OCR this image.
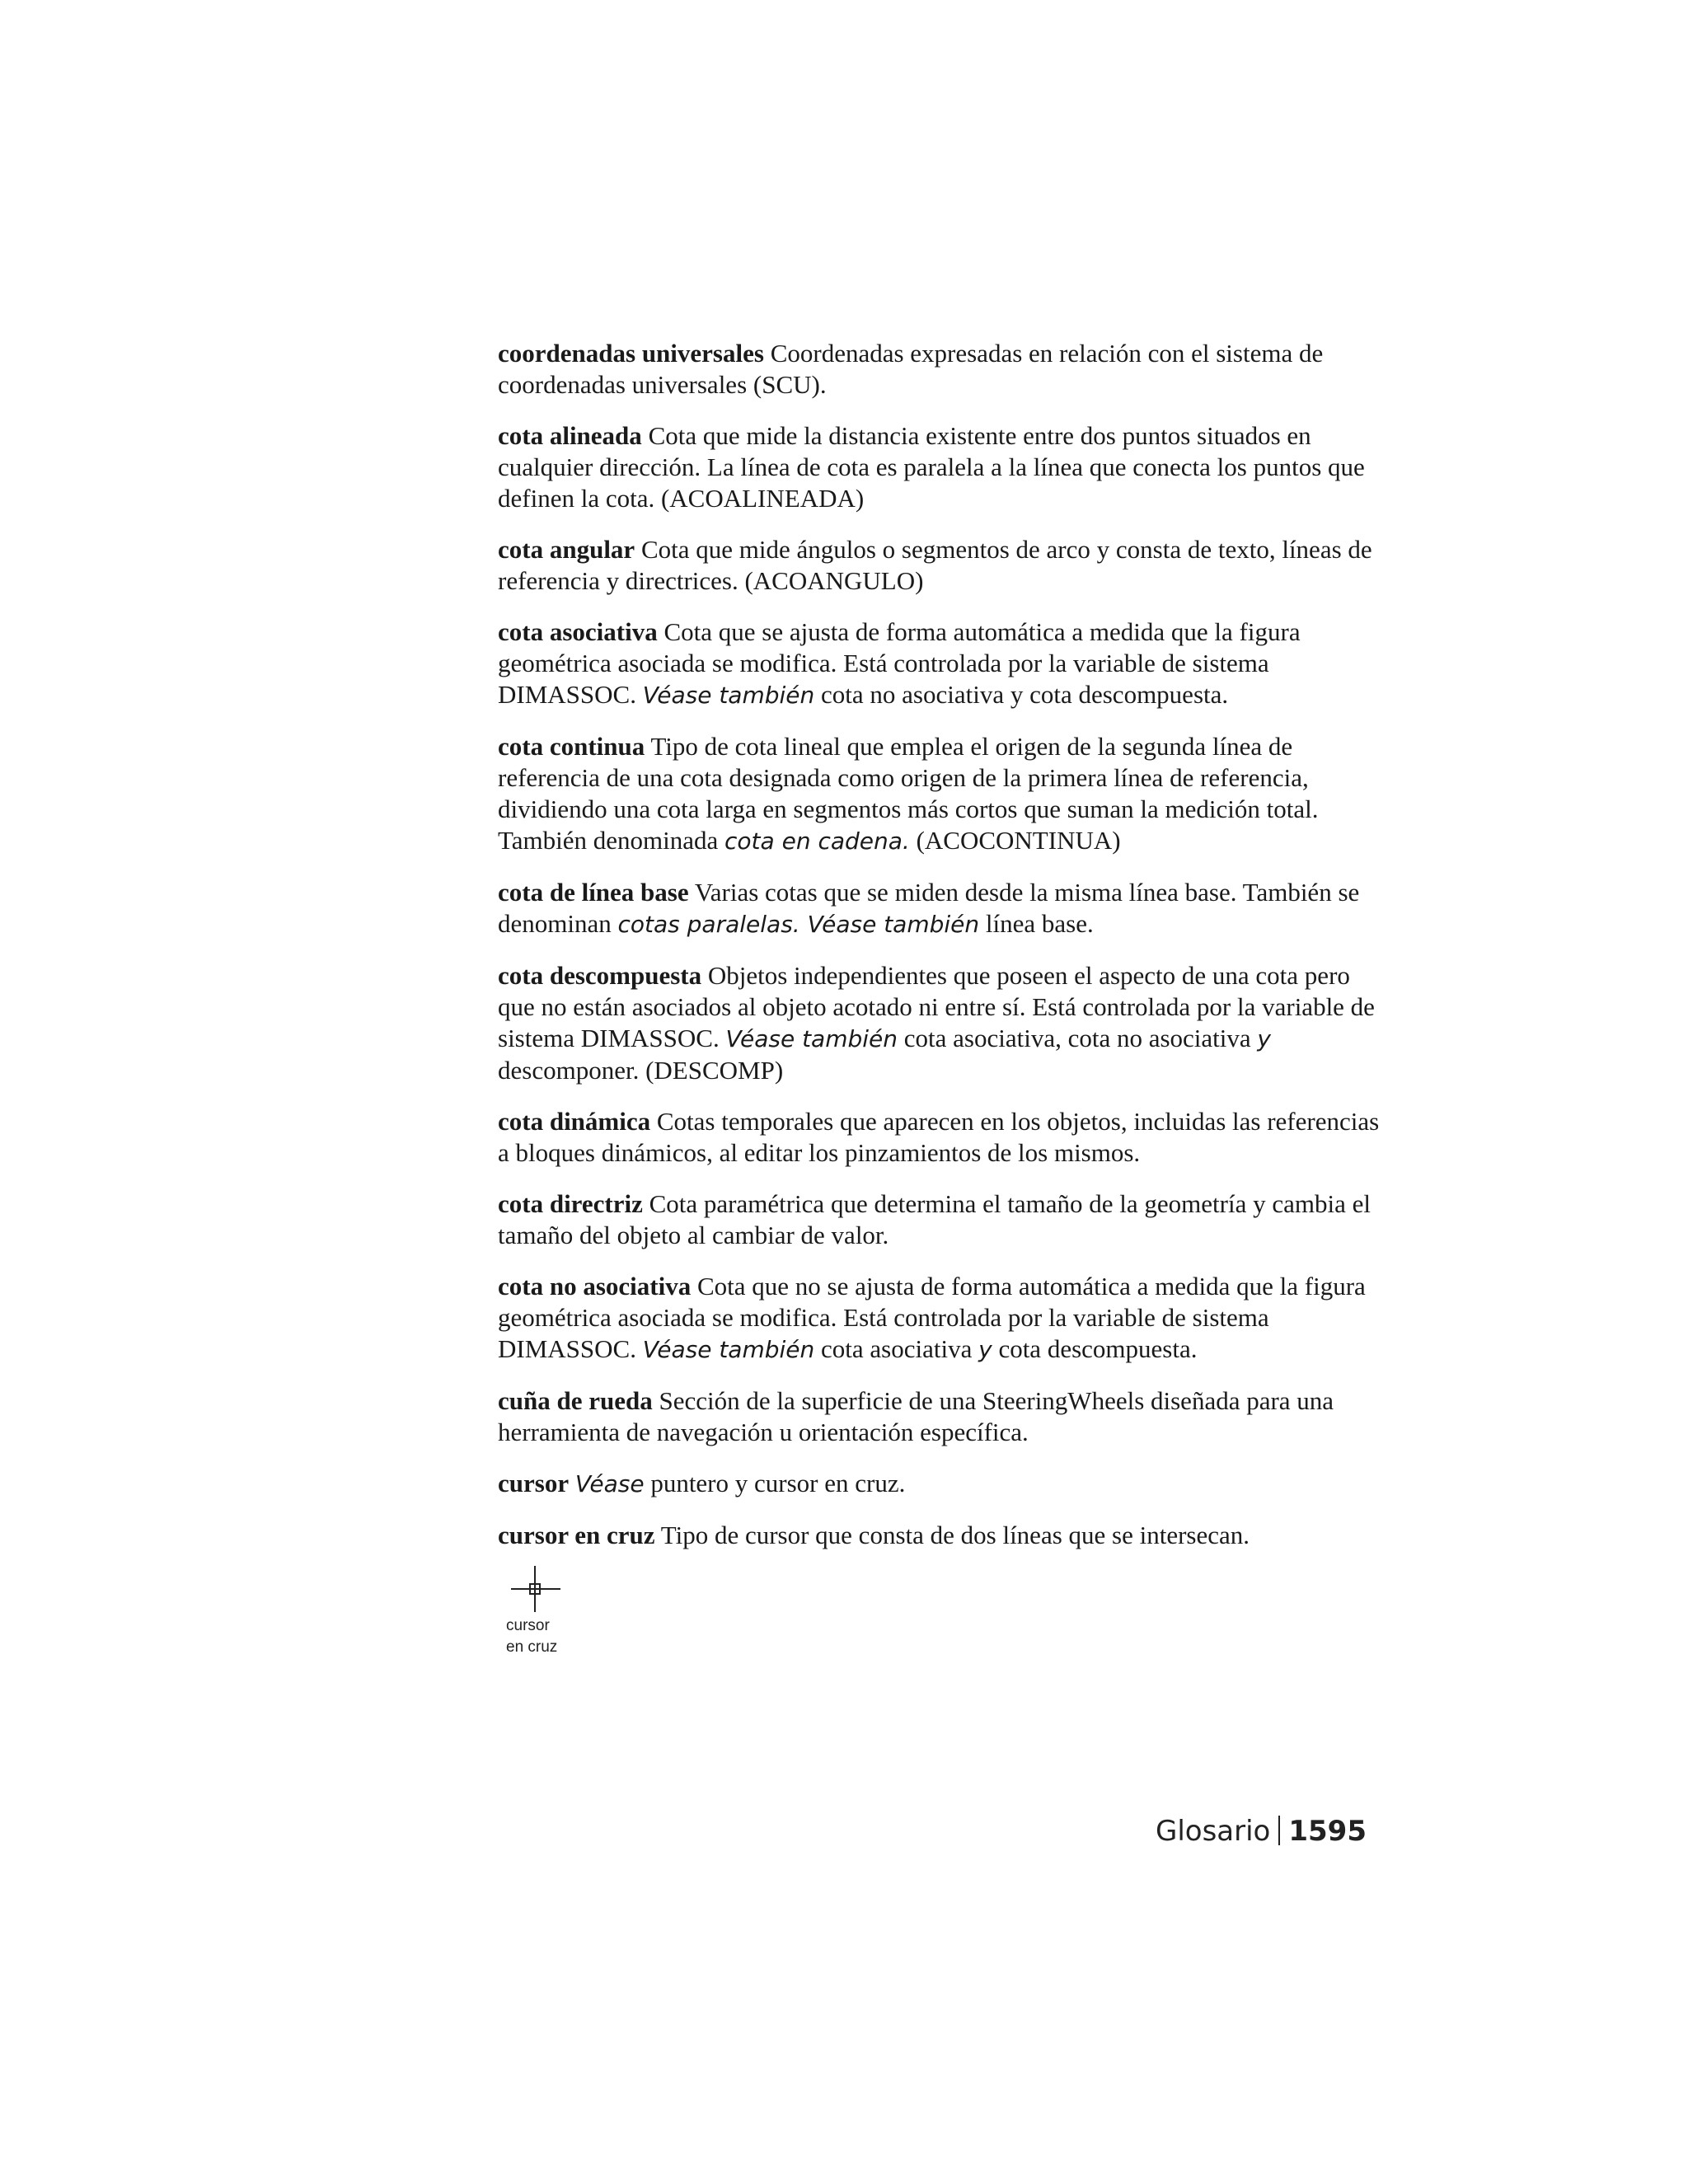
coordenadas universales Coordenadas expresadas en relación con el sistema de coordenadas universales (SCU).

cota alineada Cota que mide la distancia existente entre dos puntos situados en cualquier dirección. La línea de cota es paralela a la línea que conecta los puntos que definen la cota. (ACOALINEADA)

cota angular Cota que mide ángulos o segmentos de arco y consta de texto, líneas de referencia y directrices. (ACOANGULO)

cota asociativa Cota que se ajusta de forma automática a medida que la figura geométrica asociada se modifica. Está controlada por la variable de sistema DIMASSOC. Véase también cota no asociativa y cota descompuesta.

cota continua Tipo de cota lineal que emplea el origen de la segunda línea de referencia de una cota designada como origen de la primera línea de referencia, dividiendo una cota larga en segmentos más cortos que suman la medición total. También denominada cota en cadena. (ACOCONTINUA)

cota de línea base Varias cotas que se miden desde la misma línea base. También se denominan cotas paralelas. Véase también línea base.

cota descompuesta Objetos independientes que poseen el aspecto de una cota pero que no están asociados al objeto acotado ni entre sí. Está controlada por la variable de sistema DIMASSOC. Véase también cota asociativa, cota no asociativa y descomponer. (DESCOMP)

cota dinámica Cotas temporales que aparecen en los objetos, incluidas las referencias a bloques dinámicos, al editar los pinzamientos de los mismos.

cota directriz Cota paramétrica que determina el tamaño de la geometría y cambia el tamaño del objeto al cambiar de valor.

cota no asociativa Cota que no se ajusta de forma automática a medida que la figura geométrica asociada se modifica. Está controlada por la variable de sistema DIMASSOC. Véase también cota asociativa y cota descompuesta.

cuña de rueda Sección de la superficie de una SteeringWheels diseñada para una herramienta de navegación u orientación específica.

cursor Véase puntero y cursor en cruz.

cursor en cruz Tipo de cursor que consta de dos líneas que se intersecan.

cursor
en cruz
Glosario 1595
